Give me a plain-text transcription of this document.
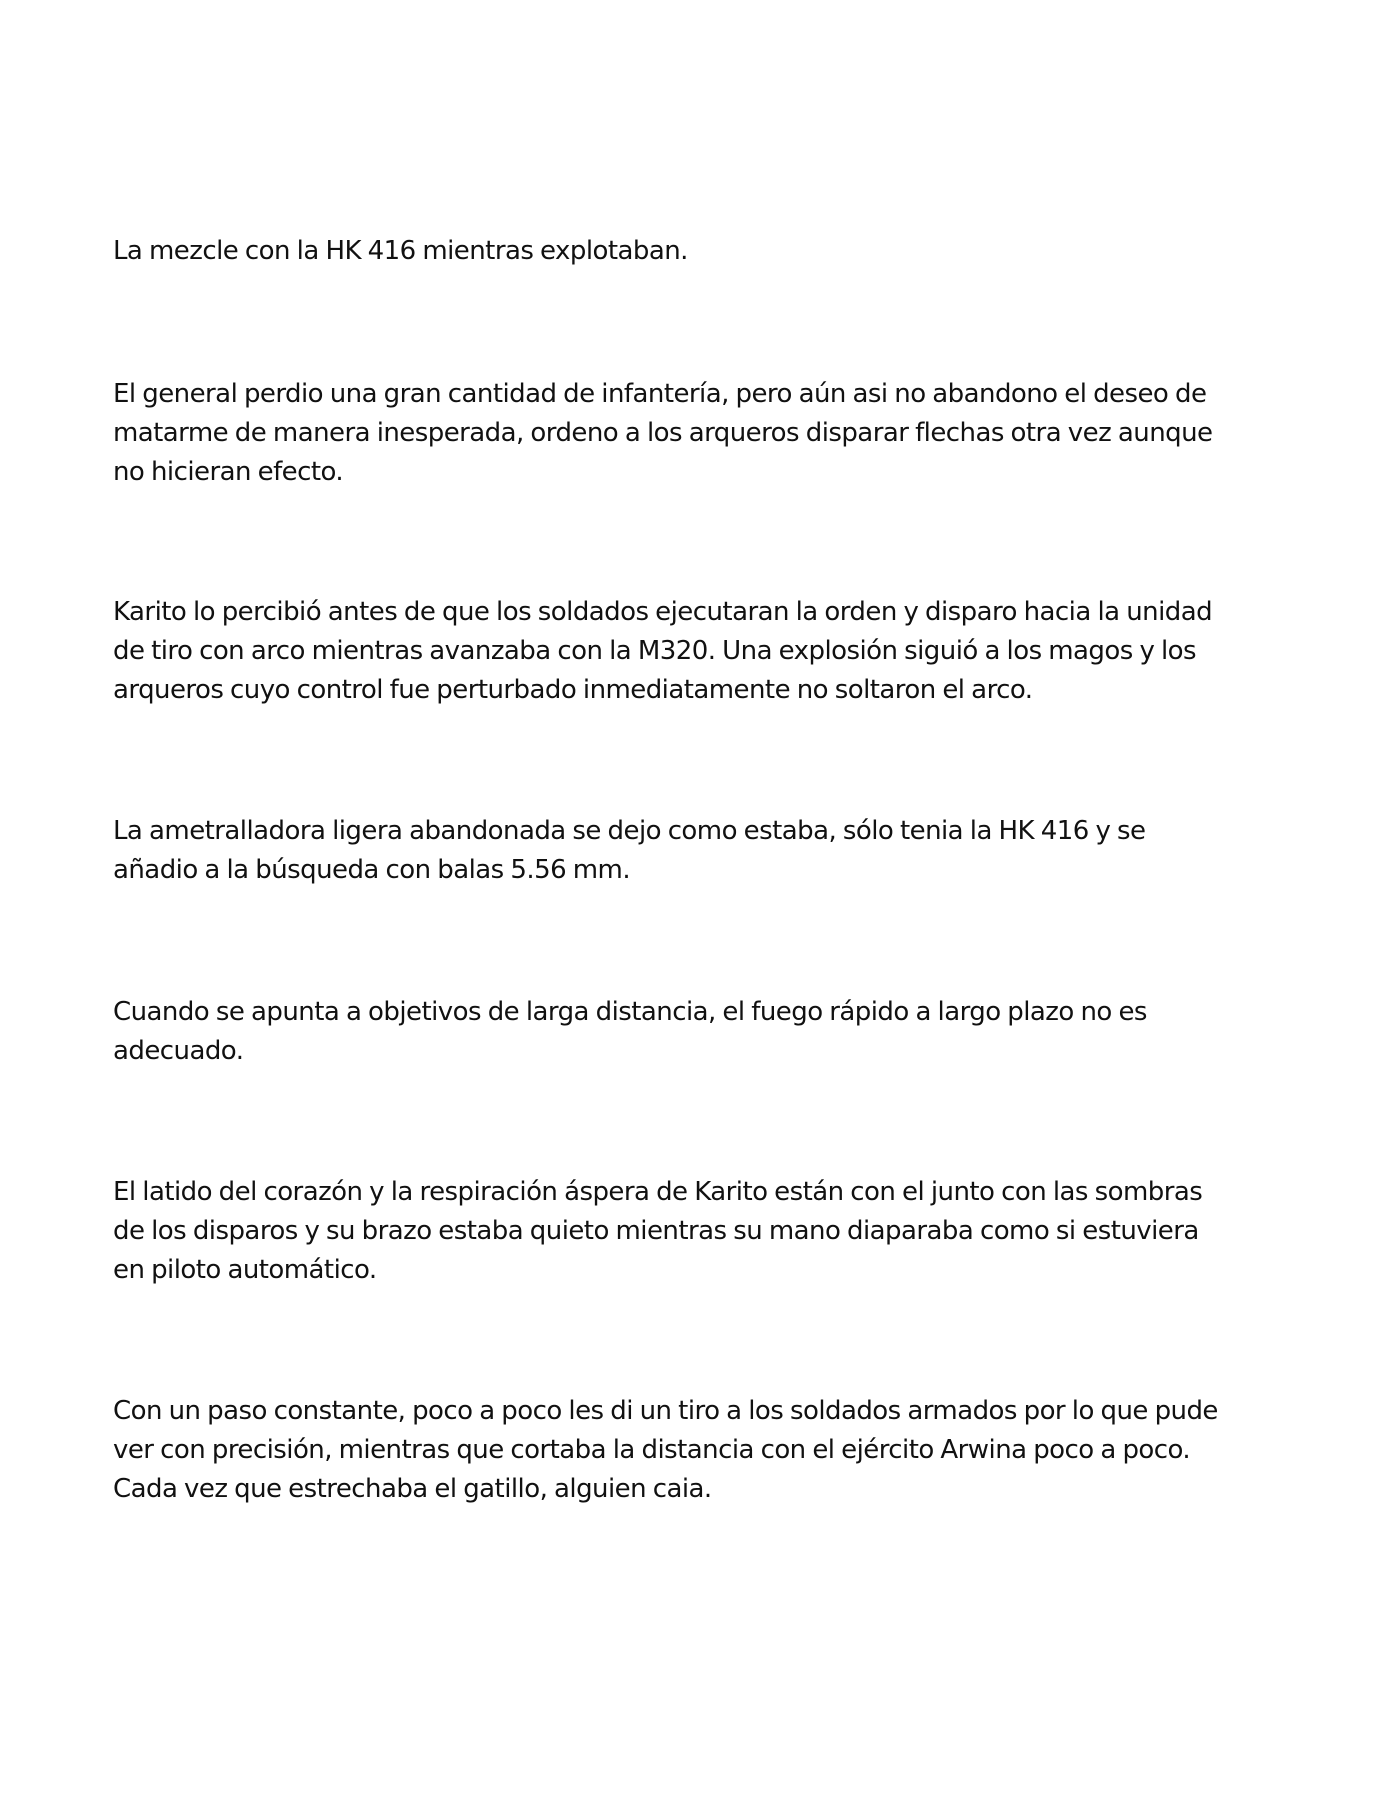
La mezcle con la HK 416 mientras explotaban.

El general perdio una gran cantidad de infantería, pero aún asi no abandono el deseo de
matarme de manera inesperada, ordeno a los arqueros disparar flechas otra vez aunque
no hicieran efecto.

Karito lo percibió antes de que los soldados ejecutaran la orden y disparo hacia la unidad
de tiro con arco mientras avanzaba con la M320. Una explosión siguió a los magos y los
arqueros cuyo control fue perturbado inmediatamente no soltaron el arco.

La ametralladora ligera abandonada se dejo como estaba, sólo tenia la HK 416 y se
añadio a la búsqueda con balas 5.56 mm.

Cuando se apunta a objetivos de larga distancia, el fuego rápido a largo plazo no es
adecuado.

El latido del corazón y la respiración áspera de Karito están con el junto con las sombras
de los disparos y su brazo estaba quieto mientras su mano diaparaba como si estuviera
en piloto automático.

Con un paso constante, poco a poco les di un tiro a los soldados armados por lo que pude
ver con precisión, mientras que cortaba la distancia con el ejército Arwina poco a poco.
Cada vez que estrechaba el gatillo, alguien caia.
